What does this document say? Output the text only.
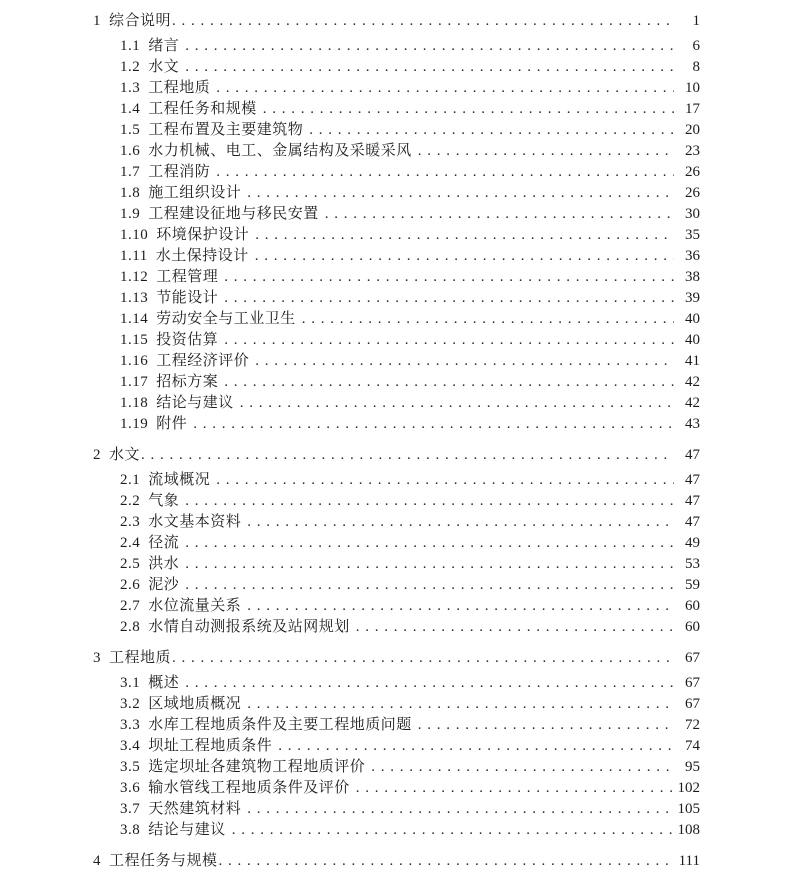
1 综合说明 . . .	1
1.1 绪言 . . .	6
1.2 水文 . . .	8
1.3 工程地质 . . .	10
1.4 工程任务和规模 . . .	17
1.5 工程布置及主要建筑物 . . .	20
1.6 水力机械、电工、金属结构及采暖采风 . . .	23
1.7 工程消防 . . .	26
1.8 施工组织设计 . . .	26
1.9 工程建设征地与移民安置 . . .	30
1.10 环境保护设计 . . .	35
1.11 水土保持设计 . . .	36
1.12 工程管理 . . .	38
1.13 节能设计 . . .	39
1.14 劳动安全与工业卫生 . . .	40
1.15 投资估算 . . .	40
1.16 工程经济评价 . . .	41
1.17 招标方案 . . .	42
1.18 结论与建议 . . .	42
1.19 附件 . . .	43
2 水文 . . .	47
2.1 流域概况 . . .	47
2.2 气象 . . .	47
2.3 水文基本资料 . . .	47
2.4 径流 . . .	49
2.5 洪水 . . .	53
2.6 泥沙 . . .	59
2.7 水位流量关系 . . .	60
2.8 水情自动测报系统及站网规划 . . .	60
3 工程地质 . . .	67
3.1 概述 . . .	67
3.2 区域地质概况 . . .	67
3.3 水库工程地质条件及主要工程地质问题 . . .	72
3.4 坝址工程地质条件 . . .	74
3.5 选定坝址各建筑物工程地质评价 . . .	95
3.6 输水管线工程地质条件及评价 . . .	102
3.7 天然建筑材料 . . .	105
3.8 结论与建议 . . .	108
4 工程任务与规模 . . .	111
